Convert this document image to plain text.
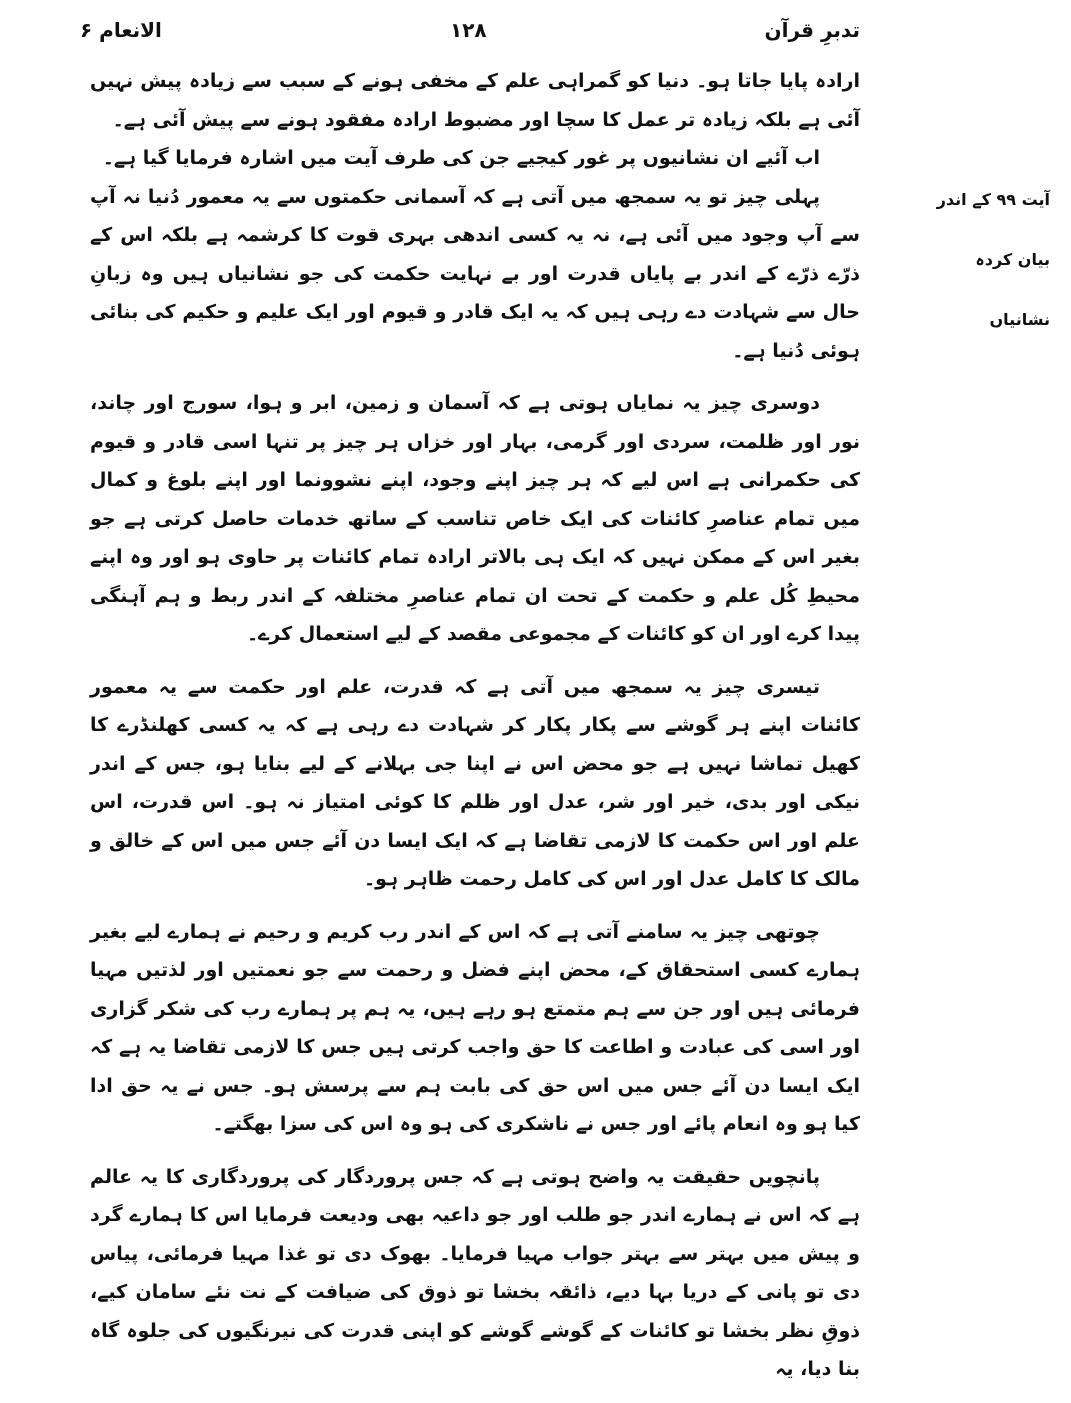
الانعام ۶	۱۲۸	تدبرِ قرآن
آیت ۹۹ کے اندر
بیان کردہ
نشانیاں

ارادہ پایا جاتا ہو۔ دنیا کو گمراہی علم کے مخفی ہونے کے سبب سے زیادہ پیش نہیں آئی ہے بلکہ زیادہ تر عمل کا سچا اور مضبوط ارادہ مفقود ہونے سے پیش آئی ہے۔

اب آئیے ان نشانیوں پر غور کیجیے جن کی طرف آیت میں اشارہ فرمایا گیا ہے۔

پہلی چیز تو یہ سمجھ میں آتی ہے کہ آسمانی حکمتوں سے یہ معمور دُنیا نہ آپ سے آپ وجود میں آئی ہے، نہ یہ کسی اندھی بہری قوت کا کرشمہ ہے بلکہ اس کے ذرّے ذرّے کے اندر بے پایاں قدرت اور بے نہایت حکمت کی جو نشانیاں ہیں وہ زبانِ حال سے شہادت دے رہی ہیں کہ یہ ایک قادر و قیوم اور ایک علیم و حکیم کی بنائی ہوئی دُنیا ہے۔

دوسری چیز یہ نمایاں ہوتی ہے کہ آسمان و زمین، ابر و ہوا، سورج اور چاند، نور اور ظلمت، سردی اور گرمی، بہار اور خزاں ہر چیز پر تنہا اسی قادر و قیوم کی حکمرانی ہے اس لیے کہ ہر چیز اپنے وجود، اپنے نشوونما اور اپنے بلوغ و کمال میں تمام عناصرِ کائنات کی ایک خاص تناسب کے ساتھ خدمات حاصل کرتی ہے جو بغیر اس کے ممکن نہیں کہ ایک ہی بالاتر ارادہ تمام کائنات پر حاوی ہو اور وہ اپنے محیطِ کُل علم و حکمت کے تحت ان تمام عناصرِ مختلفہ کے اندر ربط و ہم آہنگی پیدا کرے اور ان کو کائنات کے مجموعی مقصد کے لیے استعمال کرے۔

تیسری چیز یہ سمجھ میں آتی ہے کہ قدرت، علم اور حکمت سے یہ معمور کائنات اپنے ہر گوشے سے پکار پکار کر شہادت دے رہی ہے کہ یہ کسی کھلنڈرے کا کھیل تماشا نہیں ہے جو محض اس نے اپنا جی بہلانے کے لیے بنایا ہو، جس کے اندر نیکی اور بدی، خیر اور شر، عدل اور ظلم کا کوئی امتیاز نہ ہو۔ اس قدرت، اس علم اور اس حکمت کا لازمی تقاضا ہے کہ ایک ایسا دن آئے جس میں اس کے خالق و مالک کا کامل عدل اور اس کی کامل رحمت ظاہر ہو۔

چوتھی چیز یہ سامنے آتی ہے کہ اس کے اندر رب کریم و رحیم نے ہمارے لیے بغیر ہمارے کسی استحقاق کے، محض اپنے فضل و رحمت سے جو نعمتیں اور لذتیں مہیا فرمائی ہیں اور جن سے ہم متمتع ہو رہے ہیں، یہ ہم پر ہمارے رب کی شکر گزاری اور اسی کی عبادت و اطاعت کا حق واجب کرتی ہیں جس کا لازمی تقاضا یہ ہے کہ ایک ایسا دن آئے جس میں اس حق کی بابت ہم سے پرسش ہو۔ جس نے یہ حق ادا کیا ہو وہ انعام پائے اور جس نے ناشکری کی ہو وہ اس کی سزا بھگتے۔

پانچویں حقیقت یہ واضح ہوتی ہے کہ جس پروردگار کی پروردگاری کا یہ عالم ہے کہ اس نے ہمارے اندر جو طلب اور جو داعیہ بھی ودیعت فرمایا اس کا ہمارے گرد و پیش میں بہتر سے بہتر جواب مہیا فرمایا۔ بھوک دی تو غذا مہیا فرمائی، پیاس دی تو پانی کے دریا بہا دیے، ذائقہ بخشا تو ذوق کی ضیافت کے نت نئے سامان کیے، ذوقِ نظر بخشا تو کائنات کے گوشے گوشے کو اپنی قدرت کی نیرنگیوں کی جلوہ گاہ بنا دیا، یہ
